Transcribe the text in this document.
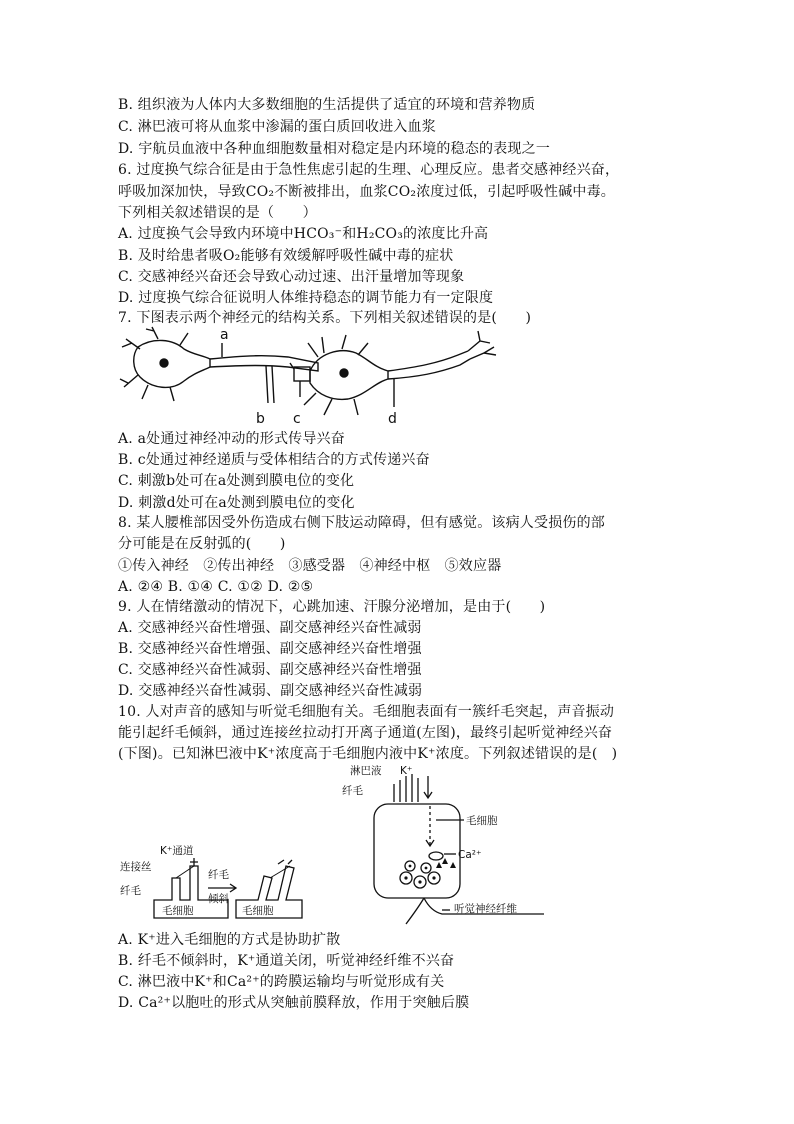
B. 组织液为人体内大多数细胞的生活提供了适宜的环境和营养物质
C. 淋巴液可将从血浆中渗漏的蛋白质回收进入血浆
D. 宇航员血液中各种血细胞数量相对稳定是内环境的稳态的表现之一
6. 过度换气综合征是由于急性焦虑引起的生理、心理反应。患者交感神经兴奋，
呼吸加深加快，导致CO₂不断被排出，血浆CO₂浓度过低，引起呼吸性碱中毒。
下列相关叙述错误的是（　　）
A. 过度换气会导致内环境中HCO₃⁻和H₂CO₃的浓度比升高
B. 及时给患者吸O₂能够有效缓解呼吸性碱中毒的症状
C. 交感神经兴奋还会导致心动过速、出汗量增加等现象
D. 过度换气综合征说明人体维持稳态的调节能力有一定限度
7. 下图表示两个神经元的结构关系。下列相关叙述错误的是(　　)
a
b c	d
A. a处通过神经冲动的形式传导兴奋
B. c处通过神经递质与受体相结合的方式传递兴奋
C. 刺激b处可在a处测到膜电位的变化
D. 刺激d处可在a处测到膜电位的变化
8. 某人腰椎部因受外伤造成右侧下肢运动障碍，但有感觉。该病人受损伤的部
分可能是在反射弧的(　　)
①传入神经　②传出神经　③感受器　④神经中枢　⑤效应器
A. ②④ B. ①④ C. ①② D. ②⑤
9. 人在情绪激动的情况下，心跳加速、汗腺分泌增加，是由于(　　)
A. 交感神经兴奋性增强、副交感神经兴奋性减弱
B. 交感神经兴奋性增强、副交感神经兴奋性增强
C. 交感神经兴奋性减弱、副交感神经兴奋性增强
D. 交感神经兴奋性减弱、副交感神经兴奋性减弱
10. 人对声音的感知与听觉毛细胞有关。毛细胞表面有一簇纤毛突起，声音振动
能引起纤毛倾斜，通过连接丝拉动打开离子通道(左图)，最终引起听觉神经兴奋
(下图)。已知淋巴液中K⁺浓度高于毛细胞内液中K⁺浓度。下列叙述错误的是(　)
K⁺通道
连接丝
纤毛
纤毛
倾斜
毛细胞	毛细胞
淋巴液 K⁺
纤毛
毛细胞
Ca²⁺
听觉神经纤维
A. K⁺进入毛细胞的方式是协助扩散
B. 纤毛不倾斜时，K⁺通道关闭，听觉神经纤维不兴奋
C. 淋巴液中K⁺和Ca²⁺的跨膜运输均与听觉形成有关
D. Ca²⁺以胞吐的形式从突触前膜释放，作用于突触后膜
